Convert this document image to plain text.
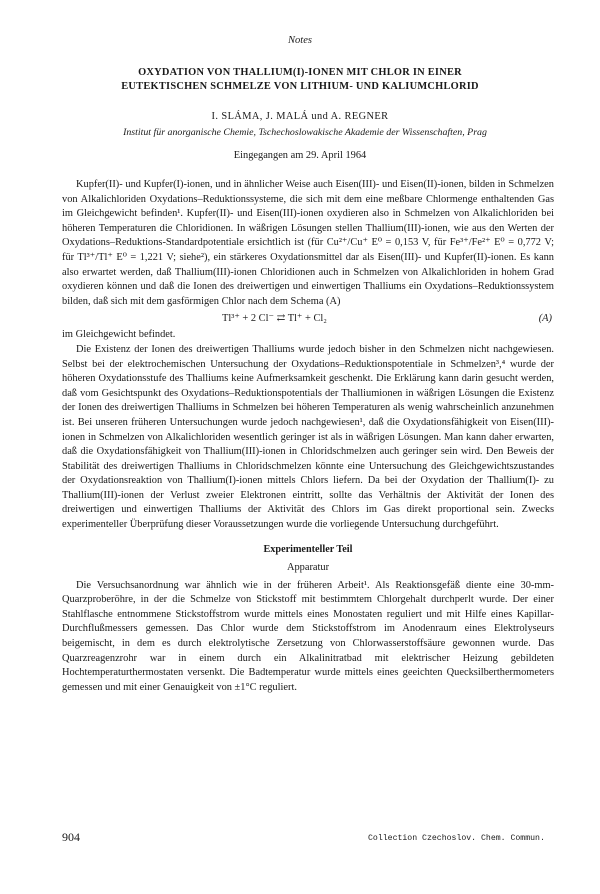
Notes
OXYDATION VON THALLIUM(I)-IONEN MIT CHLOR IN EINER
EUTEKTISCHEN SCHMELZE VON LITHIUM- UND KALIUMCHLORID
I. SLÁMA, J. MALÁ und A. REGNER
Institut für anorganische Chemie, Tschechoslowakische Akademie der Wissenschaften, Prag
Eingegangen am 29. April 1964

Kupfer(II)- und Kupfer(I)-ionen, und in ähnlicher Weise auch Eisen(III)- und Eisen(II)-ionen, bilden in Schmelzen von Alkalichloriden Oxydations–Reduktionssysteme, die sich mit dem eine meßbare Chlormenge enthaltenden Gas im Gleichgewicht befinden¹. Kupfer(II)- und Eisen(III)-ionen oxydieren also in Schmelzen von Alkalichloriden bei höheren Temperaturen die Chloridionen. In wäßrigen Lösungen stellen Thallium(III)-ionen, wie aus den Werten der Oxydations–Reduktions-Standardpotentiale ersichtlich ist (für Cu²⁺/Cu⁺ E⁰ = 0,153 V, für Fe³⁺/Fe²⁺ E⁰ = 0,772 V; für Tl³⁺/Tl⁺ E⁰ = 1,221 V; siehe²), ein stärkeres Oxydationsmittel dar als Eisen(III)- und Kupfer(II)-ionen. Es kann also erwartet werden, daß Thallium(III)-ionen Chloridionen auch in Schmelzen von Alkalichloriden in hohem Grad oxydieren können und daß die Ionen des dreiwertigen und einwertigen Thalliums ein Oxydations–Reduktionssystem bilden, daß sich mit dem gasförmigen Chlor nach dem Schema (A)

Tl³⁺ + 2 Cl⁻ ⇄ Tl⁺ + Cl₂	(A)

im Gleichgewicht befindet.

Die Existenz der Ionen des dreiwertigen Thalliums wurde jedoch bisher in den Schmelzen nicht nachgewiesen. Selbst bei der elektrochemischen Untersuchung der Oxydations–Reduktionspotentiale in Schmelzen³,⁴ wurde der höheren Oxydationsstufe des Thalliums keine Aufmerksamkeit geschenkt. Die Erklärung kann darin gesucht werden, daß vom Gesichtspunkt des Oxydations–Reduktionspotentials der Thalliumionen in wäßrigen Lösungen die Existenz der Ionen des dreiwertigen Thalliums in Schmelzen bei höheren Temperaturen als wenig wahrscheinlich anzunehmen ist. Bei unseren früheren Untersuchungen wurde jedoch nachgewiesen¹, daß die Oxydationsfähigkeit von Eisen(III)-ionen in Schmelzen von Alkalichloriden wesentlich geringer ist als in wäßrigen Lösungen. Man kann daher erwarten, daß die Oxydationsfähigkeit von Thallium(III)-ionen in Chloridschmelzen auch geringer sein wird. Den Beweis der Stabilität des dreiwertigen Thalliums in Chloridschmelzen könnte eine Untersuchung des Gleichgewichtszustandes der Oxydationsreaktion von Thallium(I)-ionen mittels Chlors liefern. Da bei der Oxydation der Thallium(I)- zu Thallium(III)-ionen der Verlust zweier Elektronen eintritt, sollte das Verhältnis der Aktivität der Ionen des dreiwertigen und einwertigen Thalliums der Aktivität des Chlors im Gas direkt proportional sein. Zwecks experimenteller Überprüfung dieser Voraussetzungen wurde die vorliegende Untersuchung durchgeführt.

Experimenteller Teil
Apparatur

Die Versuchsanordnung war ähnlich wie in der früheren Arbeit¹. Als Reaktionsgefäß diente eine 30-mm-Quarzproberöhre, in der die Schmelze von Stickstoff mit bestimmtem Chlorgehalt durchperlt wurde. Der einer Stahlflasche entnommene Stickstoffstrom wurde mittels eines Monostaten reguliert und mit Hilfe eines Kapillar-Durchflußmessers gemessen. Das Chlor wurde dem Stickstoffstrom im Anodenraum eines Elektrolyseurs beigemischt, in dem es durch elektrolytische Zersetzung von Chlorwasserstoffsäure gewonnen wurde. Das Quarzreagenzrohr war in einem durch ein Alkalinitratbad mit elektrischer Heizung gebildeten Hochtemperaturthermostaten versenkt. Die Badtemperatur wurde mittels eines geeichten Quecksilberthermometers gemessen und mit einer Genauigkeit von ±1°C reguliert.

904	Collection Czechoslov. Chem. Commun.
